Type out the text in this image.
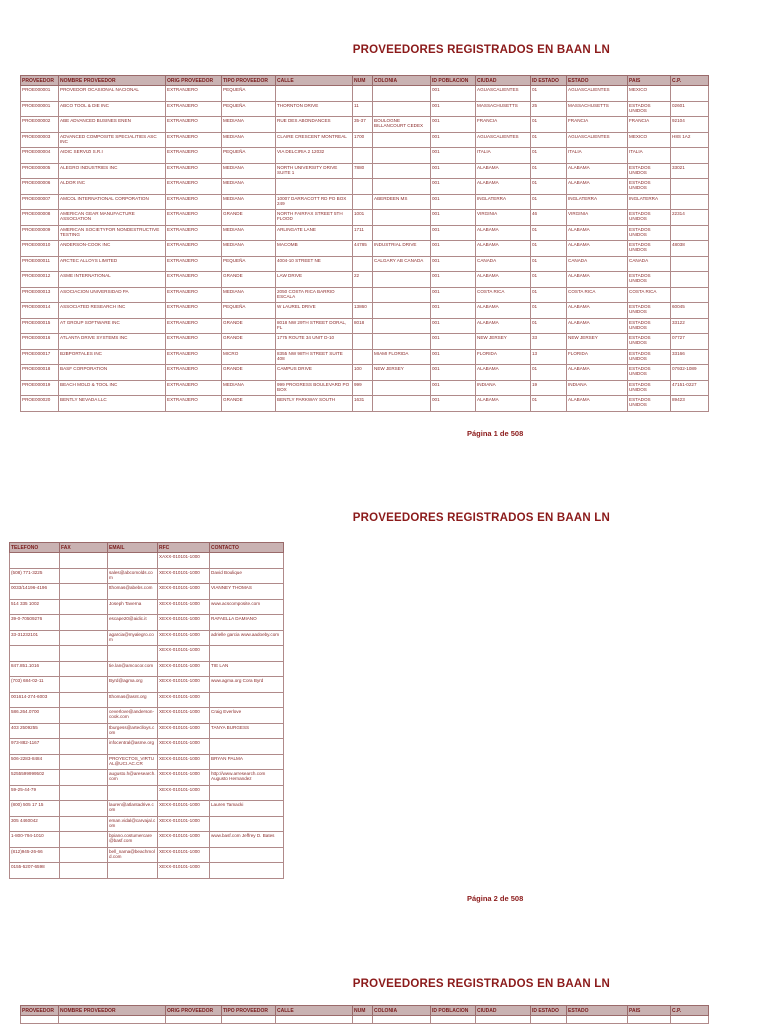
PROVEEDORES REGISTRADOS EN BAAN LN
PROVEEDOR	NOMBRE PROVEEDOR	ORIG PROVEEDOR	TIPO PROVEEDOR	CALLE	NUM	COLONIA	ID POBLACION	CIUDAD	ID ESTADO	ESTADO	PAIS	C.P.
PROE000001	PROVEDOR OCASIONAL NACIONAL	EXTRANJERO	PEQUEÑA				001	AGUASCALIENTES	01	AGUASCALIENTES	MEXICO	
PROE000001	ABCO TOOL & DIE INC	EXTRANJERO	PEQUEÑA	THORNTON DRIVE	11		001	MASSACHUSETTS	25	MASSACHUSETTS	ESTADOS UNIDOS	02601
PROE000002	ABE ADVANCED BUSINES ENEN	EXTRANJERO	MEDIANA	RUE DES ABONDANCES	35-37	BOULOGNE BILLANCOURT CEDEX	001	FRANCIA	01	FRANCIA	FRANCIA	92104
PROE000003	ADVANCED COMPOSITE SPECIALITIES ASC INC	EXTRANJERO	MEDIANA	CLAIRE CRESCENT MONTREAL	1700		001	AGUASCALIENTES	01	AGUASCALIENTES	MEXICO	H8S 1A2
PROE000004	AIDIC SERVIZI S.R.I	EXTRANJERO	PEQUEÑA	VIA DELCIRIA 2 12032			001	ITALIA	01	ITALIA	ITALIA	
PROE000005	ALEGRO INDUSTRIES INC	EXTRANJERO	MEDIANA	NORTH UNIVERSITY DRIVE SUITE 1	7880		001	ALABAMA	01	ALABAMA	ESTADOS UNIDOS	33021
PROE000006	ALDOR INC	EXTRANJERO	MEDIANA				001	ALABAMA	01	ALABAMA	ESTADOS UNIDOS	
PROE000007	AMCOL INTERNATIONAL CORPORATION	EXTRANJERO	MEDIANA	10007 DARRACOTT RD PO BOX 249		ABERDEEN MS	001	INGLATERRA	01	INGLATERRA	INGLATERRA	
PROE000008	AMERICAN GEAR MANUFACTURE ASSOCIATION	EXTRANJERO	GRANDE	NORTH FAIRFAX STREET 5TH FLOOD	1001		001	VIRGINIA	46	VIRGINIA	ESTADOS UNIDOS	22314
PROE000009	AMERICAN SOCIETYFOR NONDESTRUCTIVE TESTING	EXTRANJERO	MEDIANA	ARLINGATE LANE	1711		001	ALABAMA	01	ALABAMA	ESTADOS UNIDOS	
PROE000010	ANDERSON-COOK INC	EXTRANJERO	MEDIANA	MACOMB	44785	INDUSTRIAL DRIVE	001	ALABAMA	01	ALABAMA	ESTADOS UNIDOS	48038
PROE000011	ARCTEC ALLOYS LIMITED	EXTRANJERO	PEQUEÑA	4004-10 STREET NE		CALGARY AB CANADA	001	CANADA	01	CANADA	CANADA	
PROE000012	ASME INTERNATIONAL	EXTRANJERO	GRANDE	LAW DRIVE	22		001	ALABAMA	01	ALABAMA	ESTADOS UNIDOS	
PROE000013	ASOCIACION UNIVERSIDAD PA	EXTRANJERO	MEDIANA	2050 COSTA RICA BARRIO ESCALA			001	COSTA RICA	01	COSTA RICA	COSTA RICA	
PROE000014	ASSOCIATED RESEARCH INC	EXTRANJERO	PEQUEÑA	W LAUREL DRIVE	13860		001	ALABAMA	01	ALABAMA	ESTADOS UNIDOS	60045
PROE000015	AT GROUP SOFTWARE INC	EXTRANJERO	GRANDE	8018 NW 29TH STREET DORAL, FL	8018		001	ALABAMA	01	ALABAMA	ESTADOS UNIDOS	33122
PROE000016	ATLANTA DRIVE SYSTEMS INC	EXTRANJERO	GRANDE	1775 ROUTE 34 UNIT D-10			001	NEW JERSEY	33	NEW JERSEY	ESTADOS UNIDOS	07727
PROE000017	B2BPORTALES INC	EXTRANJERO	MICRO	8355 NW 98TH STREET SUITE 408		MIAMI FLORIDA	001	FLORIDA	13	FLORIDA	ESTADOS UNIDOS	33166
PROE000018	BASF CORPORATION	EXTRANJERO	GRANDE	CAMPUS DRIVE	100	NEW JERSEY	001	ALABAMA	01	ALABAMA	ESTADOS UNIDOS	07932-1089
PROE000019	BEACH MOLD & TOOL INC	EXTRANJERO	MEDIANA	999 PROGRESS BOULEVARD PO BOX	999		001	INDIANA	19	INDIANA	ESTADOS UNIDOS	47151-0227
PROE000020	BENTLY NEVADA LLC	EXTRANJERO	GRANDE	BENTLY PARKWAY SOUTH	1631		001	ALABAMA	01	ALABAMA	ESTADOS UNIDOS	89423
Página 1 de 508
PROVEEDORES REGISTRADOS EN BAAN LN
TELEFONO	FAX	EMAIL	RFC	CONTACTO
			XAXX-010101-1000	
(508) 771-3225		sales@abcomolds.com	XEXX-010101-1000	David Boulique
0033/14196-4196		tthomas@abebs.com	XEXX-010101-1000	VIANNEY THOMAS
514 335 1002		Joseph Taverna	XEXX-010101-1000	www.acscomposite.com
39-0-70509276		escape20@aidic.it	XEXX-010101-1000	RAFAELLA DAMIANO
33-31232101		agarcia@myalegro.com	XEXX-010101-1000	adrielle garcia www.aadoeby.com
			XEXX-010101-1000	
847.851.1016		tie.lan@amcocor.com	XEXX-010101-1000	TIE LAN
(703) 684-02-11		Byrd@agma.org	XEXX-010101-1000	www.agma.org Cora Byrd
001614-274-6003		tthomas@asnt.org	XEXX-010101-1000	
586.264.0700		ceverlove@anderson-cook.com	XEXX-010101-1000	Craig Everlove
403 2509255		tburgess@arteclloys.com	XEXX-010101-1000	TANYA BURGESS
973-882-1167		infocentral@asme.org	XEXX-010101-1000	
506-2283-8484		PROYECTOS_VIRTUAL@UCI.AC.CR	XEXX-010101-1000	BRYAN PALMA
5255599999502		augusto.h@aresearch.com	XEXX-010101-1000	http://www.arresearch.com Augusto Hernandez
59-25-44-79			XEXX-010101-1000	
(800) 505 17 15		lauren@atlantadrive.com	XEXX-010101-1000	Lauren Tamacki
305 4460042		eman.vidal@carvajal.com	XEXX-010101-1000	
1-800-794-1010		bpiano.costumercare@basf.com	XEXX-010101-1000	www.basf.com Jeffrey D. Bates
(812)945-26-66		bell_nama@beachmold.com	XEXX-010101-1000	
0155-5207-6598			XEXX-010101-1000	
Página 2 de 508
PROVEEDORES REGISTRADOS EN BAAN LN
PROVEEDOR	NOMBRE PROVEEDOR	ORIG PROVEEDOR	TIPO PROVEEDOR	CALLE	NUM	COLONIA	ID POBLACION	CIUDAD	ID ESTADO	ESTADO	PAIS	C.P.
